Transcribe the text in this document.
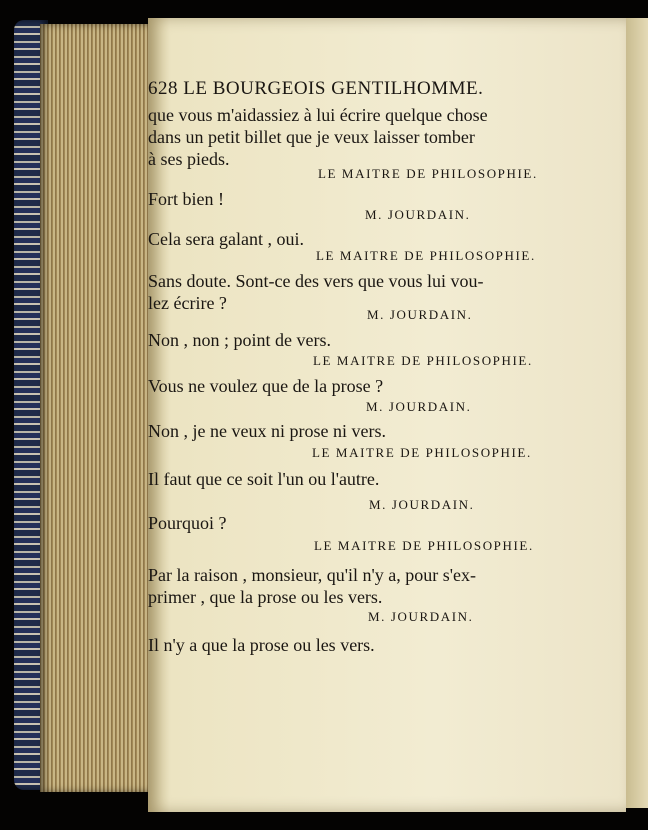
628 LE BOURGEOIS GENTILHOMME.
que vous m'aidassiez à lui écrire quelque chose
dans un petit billet que je veux laisser tomber
à ses pieds.
LE MAITRE DE PHILOSOPHIE.
Fort bien !
M. JOURDAIN.
Cela sera galant , oui.
LE MAITRE DE PHILOSOPHIE.
Sans doute. Sont-ce des vers que vous lui vou-
lez écrire ?
M. JOURDAIN.
Non , non ; point de vers.
LE MAITRE DE PHILOSOPHIE.
Vous ne voulez que de la prose ?
M. JOURDAIN.
Non , je ne veux ni prose ni vers.
LE MAITRE DE PHILOSOPHIE.
Il faut que ce soit l'un ou l'autre.
M. JOURDAIN.
Pourquoi ?
LE MAITRE DE PHILOSOPHIE.
Par la raison , monsieur, qu'il n'y a, pour s'ex-
primer , que la prose ou les vers.
M. JOURDAIN.
Il n'y a que la prose ou les vers.
